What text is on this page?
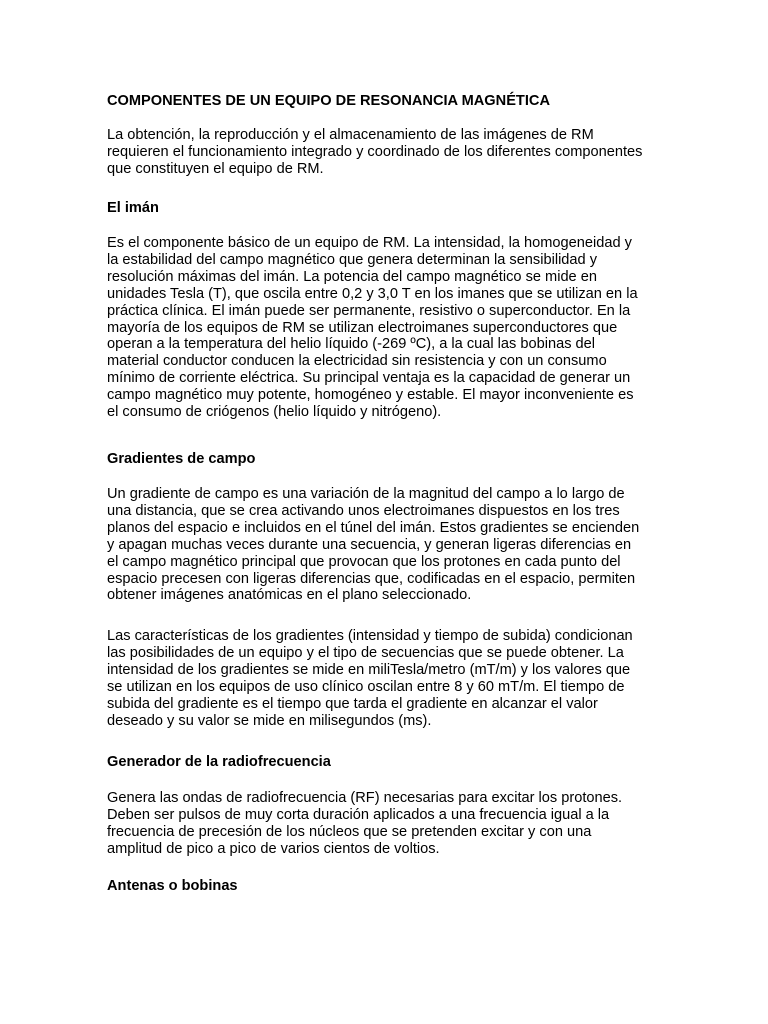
COMPONENTES DE UN EQUIPO DE RESONANCIA MAGNÉTICA
La obtención, la reproducción y el almacenamiento de las imágenes de RM
requieren el funcionamiento integrado y coordinado de los diferentes componentes
que constituyen el equipo de RM.
El imán
Es el componente básico de un equipo de RM. La intensidad, la homogeneidad y
la estabilidad del campo magnético que genera determinan la sensibilidad y
resolución máximas del imán. La potencia del campo magnético se mide en
unidades Tesla (T), que oscila entre 0,2 y 3,0 T en los imanes que se utilizan en la
práctica clínica. El imán puede ser permanente, resistivo o superconductor. En la
mayoría de los equipos de RM se utilizan electroimanes superconductores que
operan a la temperatura del helio líquido (-269 ºC), a la cual las bobinas del
material conductor conducen la electricidad sin resistencia y con un consumo
mínimo de corriente eléctrica. Su principal ventaja es la capacidad de generar un
campo magnético muy potente, homogéneo y estable. El mayor inconveniente es
el consumo de criógenos (helio líquido y nitrógeno).
Gradientes de campo
Un gradiente de campo es una variación de la magnitud del campo a lo largo de
una distancia, que se crea activando unos electroimanes dispuestos en los tres
planos del espacio e incluidos en el túnel del imán. Estos gradientes se encienden
y apagan muchas veces durante una secuencia, y generan ligeras diferencias en
el campo magnético principal que provocan que los protones en cada punto del
espacio precesen con ligeras diferencias que, codificadas en el espacio, permiten
obtener imágenes anatómicas en el plano seleccionado.
Las características de los gradientes (intensidad y tiempo de subida) condicionan
las posibilidades de un equipo y el tipo de secuencias que se puede obtener. La
intensidad de los gradientes se mide en miliTesla/metro (mT/m) y los valores que
se utilizan en los equipos de uso clínico oscilan entre 8 y 60 mT/m. El tiempo de
subida del gradiente es el tiempo que tarda el gradiente en alcanzar el valor
deseado y su valor se mide en milisegundos (ms).
Generador de la radiofrecuencia
Genera las ondas de radiofrecuencia (RF) necesarias para excitar los protones.
Deben ser pulsos de muy corta duración aplicados a una frecuencia igual a la
frecuencia de precesión de los núcleos que se pretenden excitar y con una
amplitud de pico a pico de varios cientos de voltios.
Antenas o bobinas
